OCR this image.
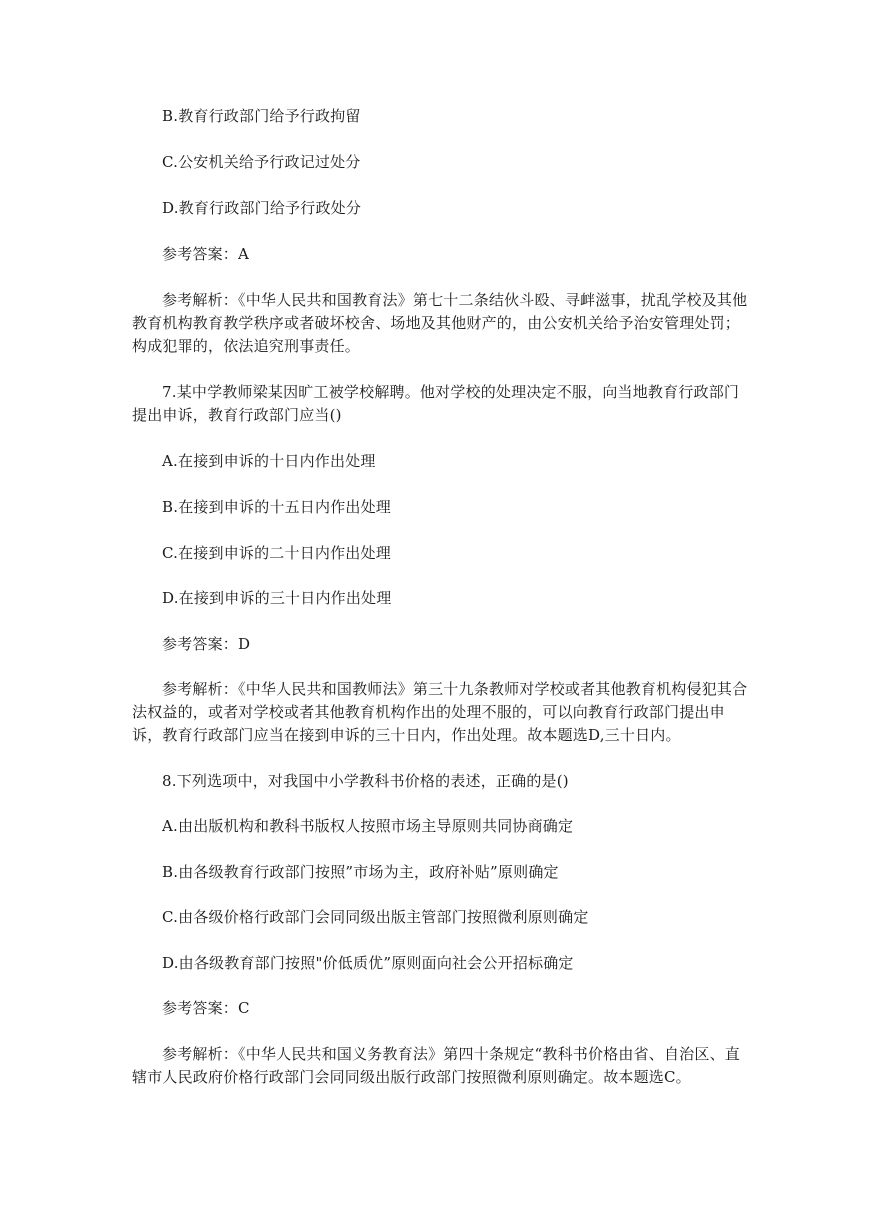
B.教育行政部门给予行政拘留

C.公安机关给予行政记过处分

D.教育行政部门给予行政处分

参考答案：A

参考解析：《中华人民共和国教育法》第七十二条结伙斗殴、寻衅滋事，扰乱学校及其他教育机构教育教学秩序或者破坏校舍、场地及其他财产的，由公安机关给予治安管理处罚；构成犯罪的，依法追究刑事责任。

7.某中学教师梁某因旷工被学校解聘。他对学校的处理决定不服，向当地教育行政部门提出申诉，教育行政部门应当()

A.在接到申诉的十日内作出处理

B.在接到申诉的十五日内作出处理

C.在接到申诉的二十日内作出处理

D.在接到申诉的三十日内作出处理

参考答案：D

参考解析：《中华人民共和国教师法》第三十九条教师对学校或者其他教育机构侵犯其合法权益的，或者对学校或者其他教育机构作出的处理不服的，可以向教育行政部门提出申诉，教育行政部门应当在接到申诉的三十日内，作出处理。故本题选D,三十日内。

8.下列选项中，对我国中小学教科书价格的表述，正确的是()

A.由出版机构和教科书版权人按照市场主导原则共同协商确定

B.由各级教育行政部门按照”市场为主，政府补贴”原则确定

C.由各级价格行政部门会同同级出版主管部门按照微利原则确定

D.由各级教育部门按照"价低质优”原则面向社会公开招标确定

参考答案：C

参考解析：《中华人民共和国义务教育法》第四十条规定“教科书价格由省、自治区、直辖市人民政府价格行政部门会同同级出版行政部门按照微利原则确定。故本题选C。
